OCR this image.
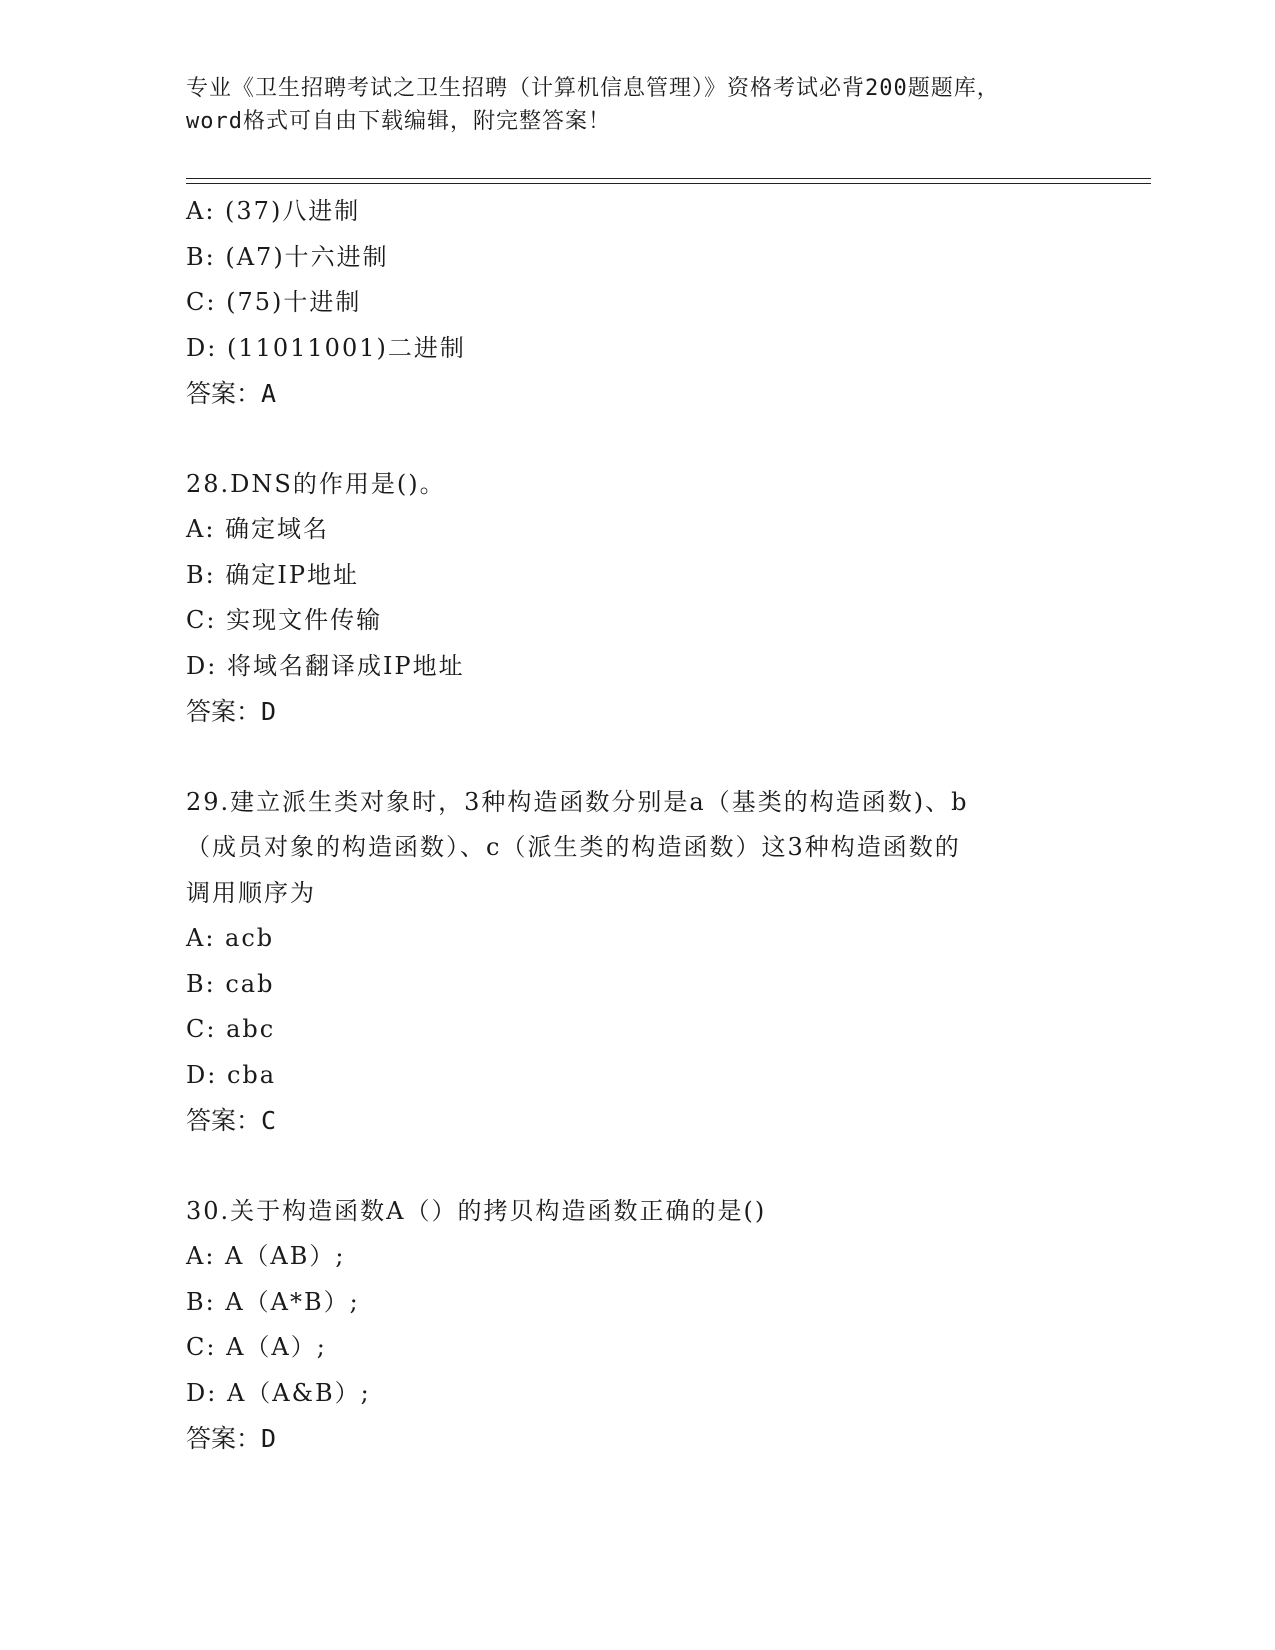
专业《卫生招聘考试之卫生招聘（计算机信息管理）》资格考试必背200题题库，
word格式可自由下载编辑，附完整答案！
A: (37)八进制
B: (A7)十六进制
C: (75)十进制
D: (11011001)二进制
答案：A
28.DNS的作用是()。
A: 确定域名
B: 确定IP地址
C: 实现文件传输
D: 将域名翻译成IP地址
答案：D
29.建立派生类对象时，3种构造函数分别是a（基类的构造函数)、b
（成员对象的构造函数）、c（派生类的构造函数）这3种构造函数的
调用顺序为
A: acb
B: cab
C: abc
D: cba
答案：C
30.关于构造函数A（）的拷贝构造函数正确的是()
A: A（AB）;
B: A（A*B）;
C: A（A）;
D: A（A&B）;
答案：D
